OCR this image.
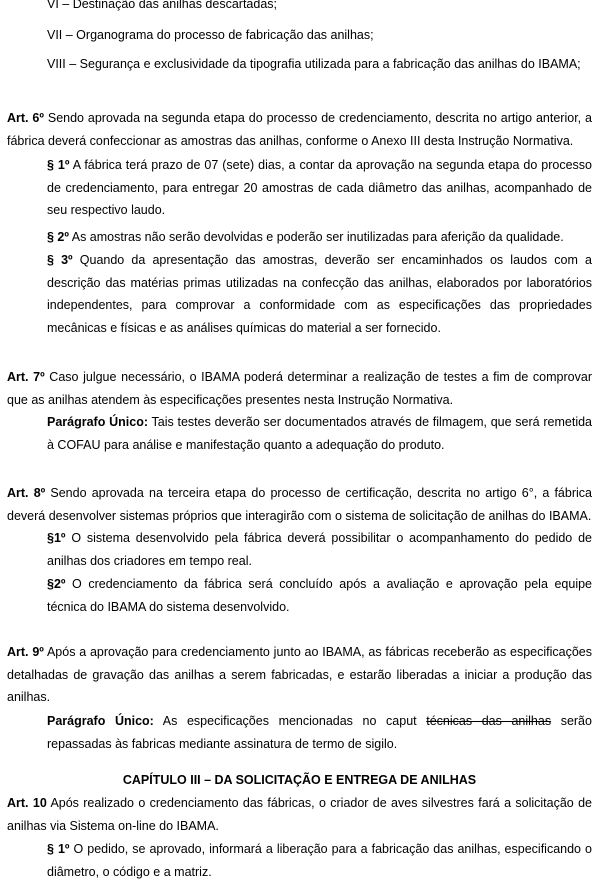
VI – Destinação das anilhas descartadas;
VII – Organograma do processo de fabricação das anilhas;
VIII – Segurança e exclusividade da tipografia utilizada para a fabricação das anilhas do IBAMA;
Art. 6º Sendo aprovada na segunda etapa do processo de credenciamento, descrita no artigo anterior, a fábrica deverá confeccionar as amostras das anilhas, conforme o Anexo III desta Instrução Normativa.
§ 1º A fábrica terá prazo de 07 (sete) dias, a contar da aprovação na segunda etapa do processo de credenciamento, para entregar 20 amostras de cada diâmetro das anilhas, acompanhado de seu respectivo laudo.
§ 2º As amostras não serão devolvidas e poderão ser inutilizadas para aferição da qualidade.
§ 3º Quando da apresentação das amostras, deverão ser encaminhados os laudos com a descrição das matérias primas utilizadas na confecção das anilhas, elaborados por laboratórios independentes, para comprovar a conformidade com as especificações das propriedades mecânicas e físicas e as análises químicas do material a ser fornecido.
Art. 7º Caso julgue necessário, o IBAMA poderá determinar a realização de testes a fim de comprovar que as anilhas atendem às especificações presentes nesta Instrução Normativa.
Parágrafo Único: Tais testes deverão ser documentados através de filmagem, que será remetida à COFAU para análise e manifestação quanto a adequação do produto.
Art. 8º Sendo aprovada na terceira etapa do processo de certificação, descrita no artigo 6°, a fábrica deverá desenvolver sistemas próprios que interagirão com o sistema de solicitação de anilhas do IBAMA.
§1º O sistema desenvolvido pela fábrica deverá possibilitar o acompanhamento do pedido de anilhas dos criadores em tempo real.
§2º O credenciamento da fábrica será concluído após a avaliação e aprovação pela equipe técnica do IBAMA do sistema desenvolvido.
Art. 9º Após a aprovação para credenciamento junto ao IBAMA, as fábricas receberão as especificações detalhadas de gravação das anilhas a serem fabricadas, e estarão liberadas a iniciar a produção das anilhas.
Parágrafo Único: As especificações mencionadas no caput técnicas das anilhas serão repassadas às fabricas mediante assinatura de termo de sigilo.
CAPÍTULO III – DA SOLICITAÇÃO E ENTREGA DE ANILHAS
Art. 10 Após realizado o credenciamento das fábricas, o criador de aves silvestres fará a solicitação de anilhas via Sistema on-line do IBAMA.
§ 1º O pedido, se aprovado, informará a liberação para a fabricação das anilhas, especificando o diâmetro, o código e a matriz.
